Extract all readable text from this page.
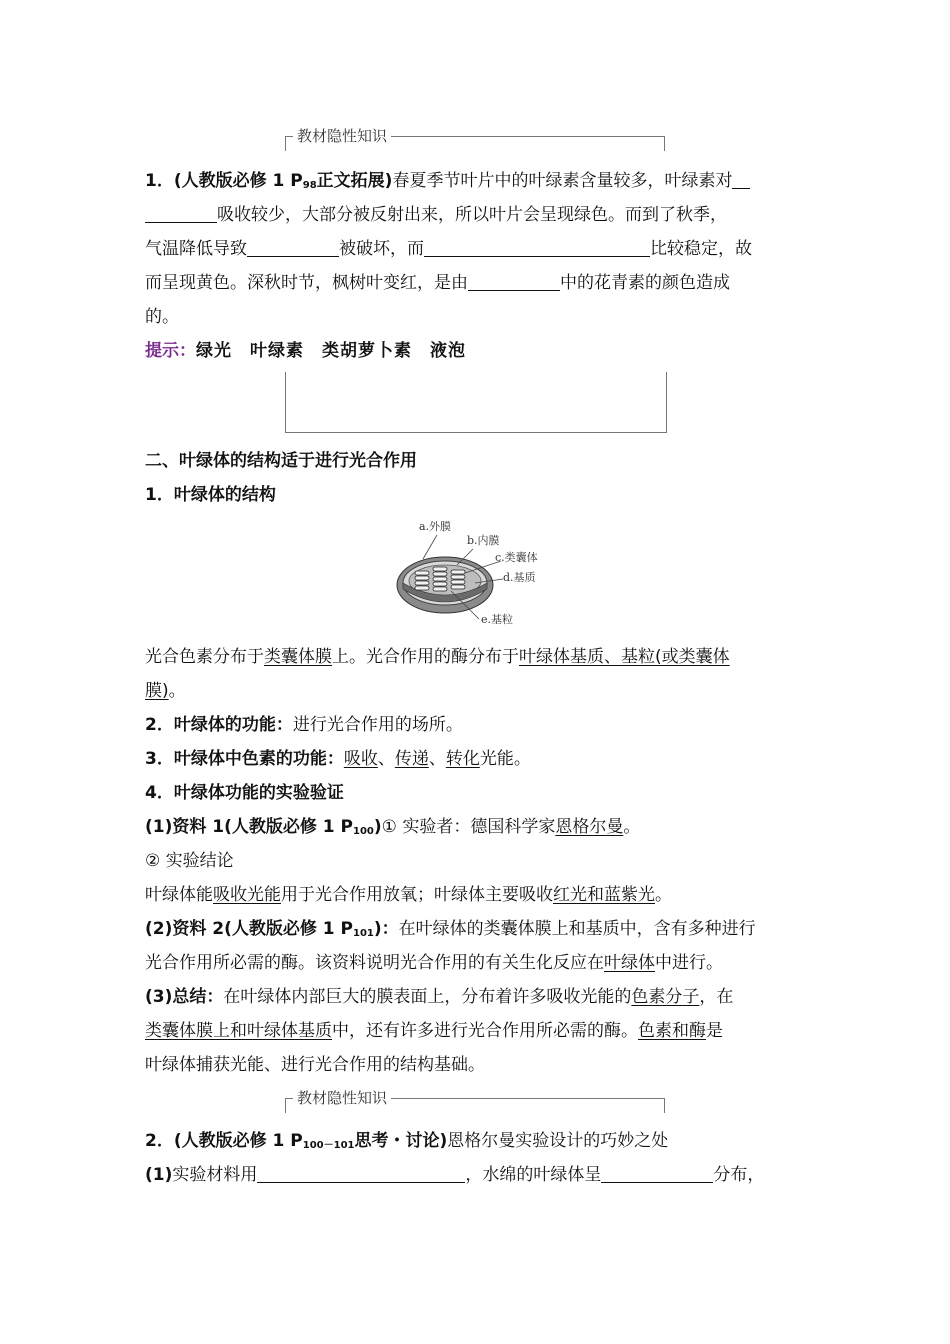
教材隐性知识
1．(人教版必修 1 $P_{98}$正文拓展)春夏季节叶片中的叶绿素含量较多，叶绿素对
吸收较少，大部分被反射出来，所以叶片会呈现绿色。而到了秋季，
气温降低导致	被破坏，而	比较稳定，故
而呈现黄色。深秋时节，枫树叶变红，是由	中的花青素的颜色造成
的。
提示：绿光　叶绿素　类胡萝卜素　液泡
二、叶绿体的结构适于进行光合作用
1．叶绿体的结构
a.外膜
b.内膜
c.类囊体
d.基质
e.基粒
光合色素分布于类囊体膜上。光合作用的酶分布于叶绿体基质、基粒(或类囊体
膜)。
2．叶绿体的功能：进行光合作用的场所。
3．叶绿体中色素的功能：吸收、传递、转化光能。
4．叶绿体功能的实验验证
(1)资料 1(人教版必修 1 $P_{100})①$ 实验者：德国科学家恩格尔曼。
② 实验结论
叶绿体能吸收光能用于光合作用放氧；叶绿体主要吸收红光和蓝紫光。
(2)资料 2(人教版必修 1 $P_{101}$)：在叶绿体的类囊体膜上和基质中，含有多种进行
光合作用所必需的酶。该资料说明光合作用的有关生化反应在叶绿体中进行。
(3)总结：在叶绿体内部巨大的膜表面上，分布着许多吸收光能的色素分子，在
类囊体膜上和叶绿体基质中，还有许多进行光合作用所必需的酶。色素和酶是
叶绿体捕获光能、进行光合作用的结构基础。
教材隐性知识
2．(人教版必修 1 $P_{100-101}$思考・讨论)恩格尔曼实验设计的巧妙之处
(1)实验材料用	，水绵的叶绿体呈	分布，
